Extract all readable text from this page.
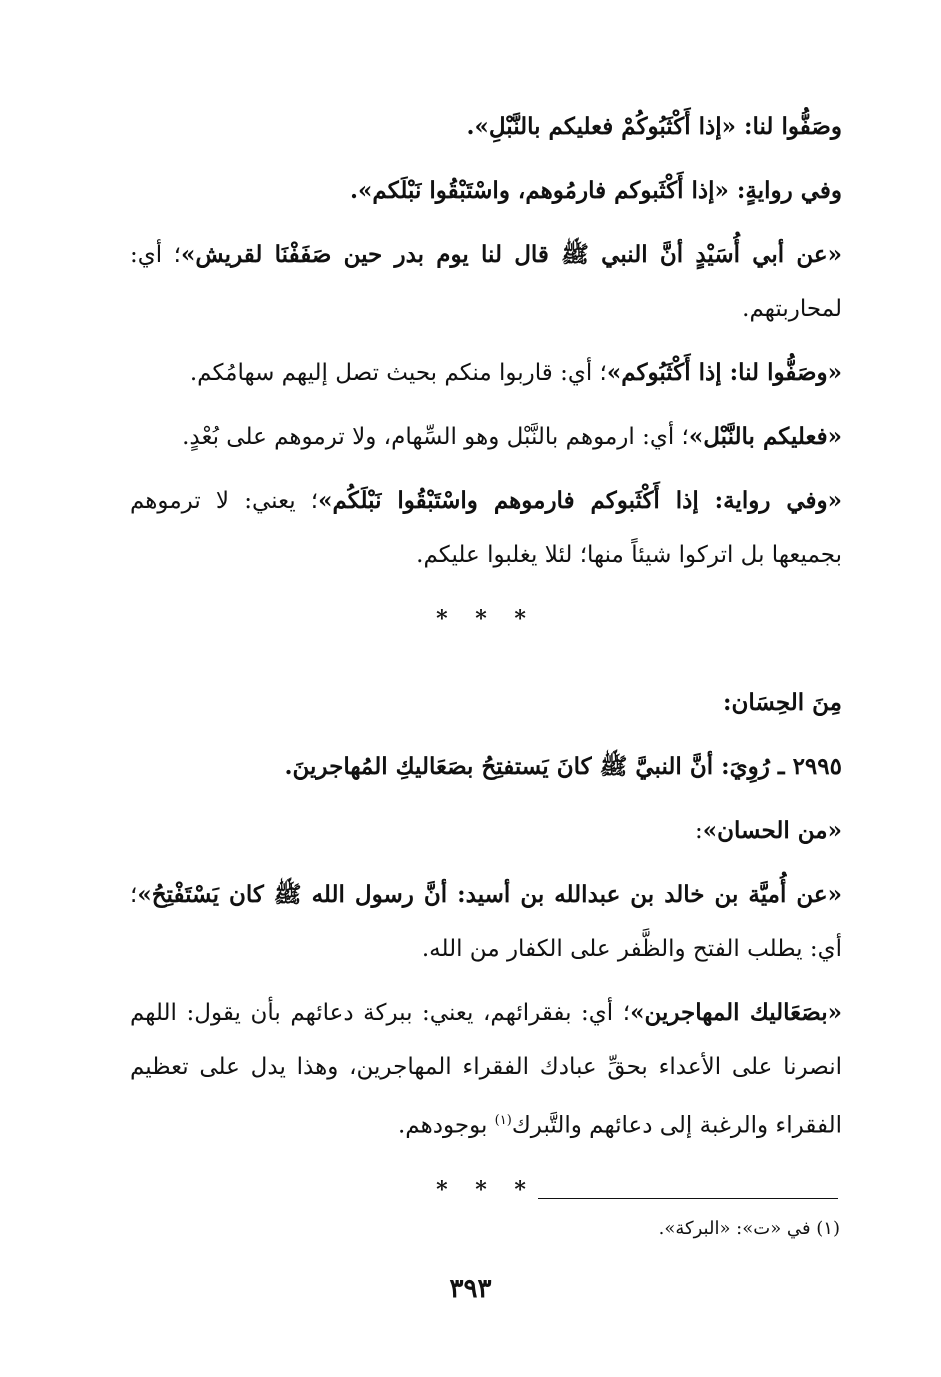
وصَفُّوا لنا: «إذا أَكْثَبُوكُمْ فعليكم بالنَّبْلِ».
وفي روايةٍ: «إذا أَكْثَبوكم فارمُوهم، واسْتَبْقُوا نَبْلَكم».
«عن أبي أُسَيْدٍ أنَّ النبي ﷺ قال لنا يوم بدر حين صَفَفْنَا لقريش»؛ أي: لمحاربتهم.
«وصَفُّوا لنا: إذا أَكْثَبُوكم»؛ أي: قاربوا منكم بحيث تصل إليهم سهامُكم.
«فعليكم بالنَّبْل»؛ أي: ارموهم بالنَّبْل وهو السِّهام، ولا ترموهم على بُعْدٍ.
«وفي رواية: إذا أَكْثَبوكم فارموهم واسْتَبْقُوا نَبْلَكُم»؛ يعني: لا ترموهم بجميعها بل اتركوا شيئاً منها؛ لئلا يغلبوا عليكم.
* * *
مِنَ الحِسَان:
٢٩٩٥ ـ رُوِيَ: أنَّ النبيَّ ﷺ كانَ يَستفتِحُ بصَعَاليكِ المُهاجرينَ.
«من الحسان»:
«عن أُميَّة بن خالد بن عبدالله بن أسيد: أنَّ رسول الله ﷺ كان يَسْتَفْتِحُ»؛ أي: يطلب الفتح والظَّفر على الكفار من الله.
«بصَعَاليك المهاجرين»؛ أي: بفقرائهم، يعني: ببركة دعائهم بأن يقول: اللهم انصرنا على الأعداء بحقِّ عبادك الفقراء المهاجرين، وهذا يدل على تعظيم الفقراء والرغبة إلى دعائهم والتَّبرك$^{(١)}$ بوجودهم.
* * *
(١) في «ت»: «البركة».
٣٩٣
